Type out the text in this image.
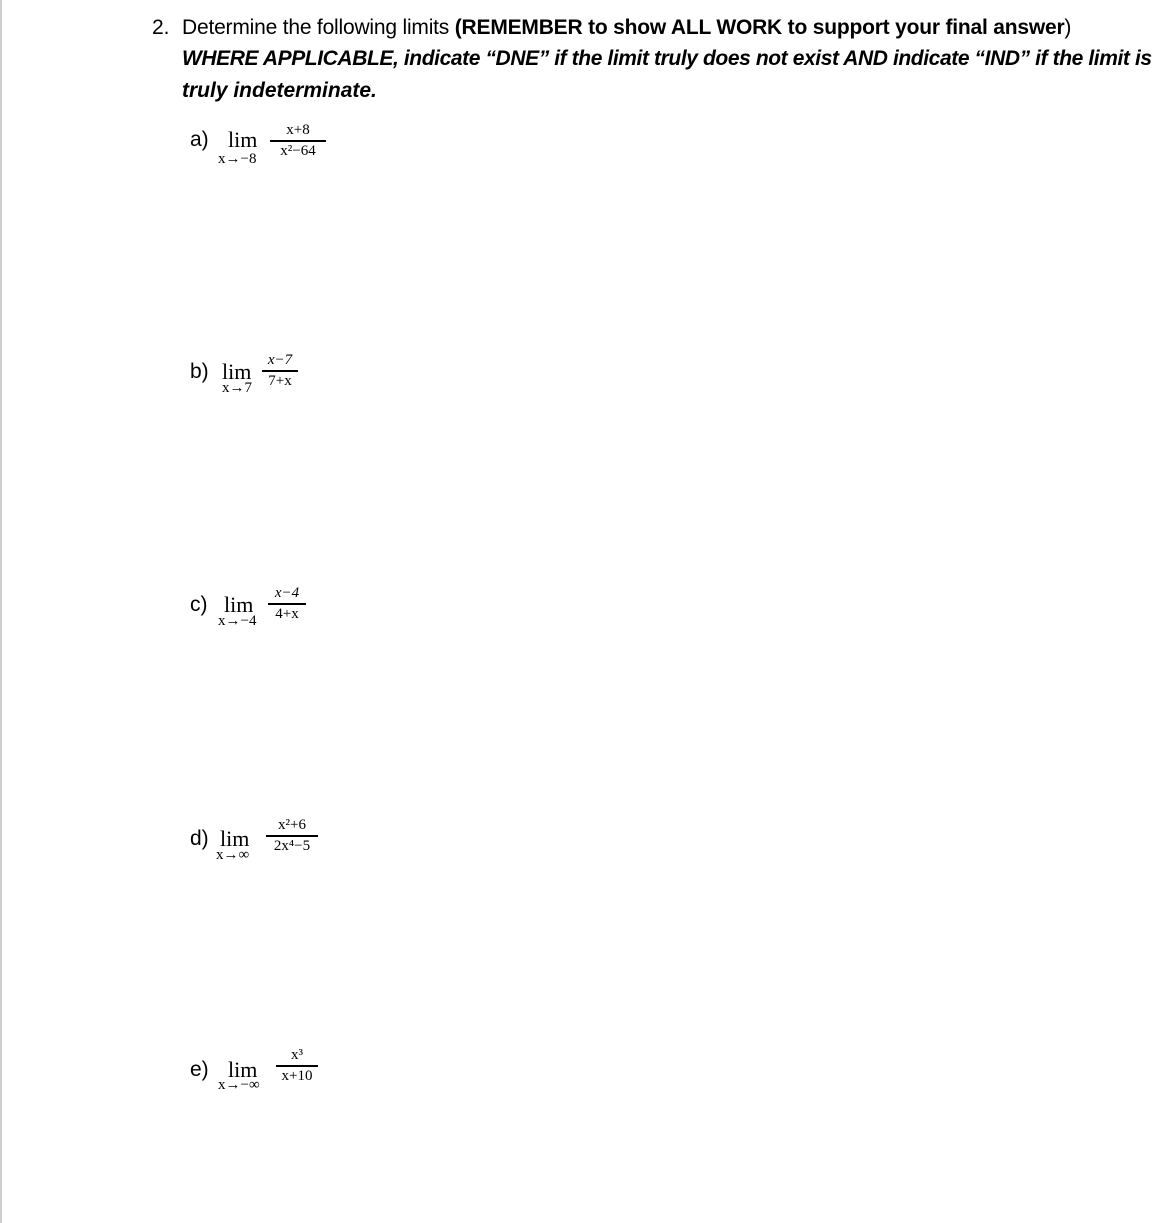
2. Determine the following limits (REMEMBER to show ALL WORK to support your final answer)
WHERE APPLICABLE, indicate “DNE” if the limit truly does not exist AND indicate “IND” if the limit is
truly indeterminate.
a) lim
x→−8
x+8
x²−64
b) lim
x→7
x−7
7+x
c) lim
x→−4
x−4
4+x
d) lim
x→∞
x²+6
2x⁴−5
e) lim
x→−∞
x³
x+10
